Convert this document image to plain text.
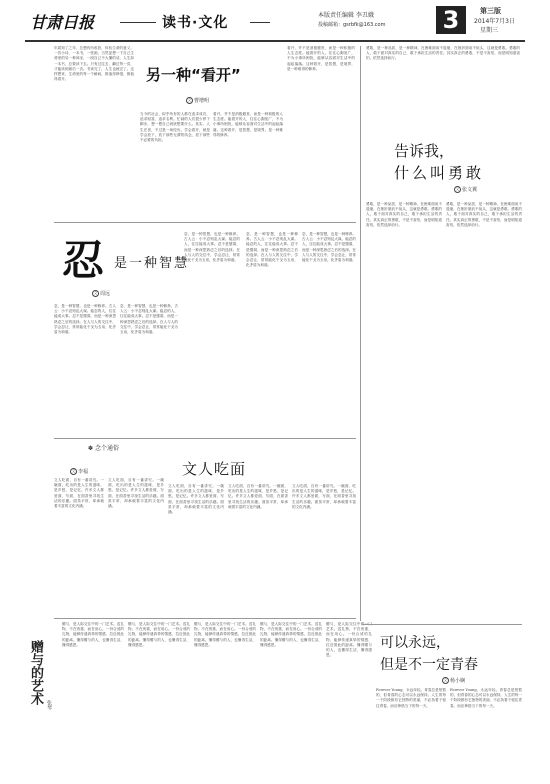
甘肃日报	读书·文化	本版责任编辑 李丑娥
投稿邮箱：gsrbfk@163.com 3	第三版
2014年7月3日
星期三
另一种“看开”
文 曹增明
年届知了之年，总想有所收获，体验生命的意义。一首小诗，一本书，一张画，当然更想一下自己生命里的另一种神圣，一段自己不大懂的话。人生如一本书，总要读下去。只有过往去，翻过每一页，才能读到最后一页。书读完了，人生也就完了。这样想来，生命里的每一个瞬间，都值得珍惜，都值得看开。
当今的社会，似乎所有的人都在追求成功，追求财富，追求名利。忙碌的人们很少停下脚步，想一想自己到底想要什么。其实，人生在世，不过是一场经历。学会看开，就是学会放下，放下那些无谓的执念，放下那些不必要的负担。
看开，并不是消极避世，而是一种积极的人生态度。能看开的人，往往心胸宽广，不为小事所困扰，能够从容面对生活中的起起落落。这种看开，是智慧，是境界，是一种难得的修养。
看开，并不是消极避世，而是一种积极的人生态度。能看开的人，往往心胸宽广，不为小事所困扰，能够从容面对生活中的起起落落。这种看开，是智慧，是境界，是一种难得的修养。
告诉我，
什么叫勇敢
文 张文翼
勇敢，是一种品质，是一种精神。在困难面前不退缩，在挫折面前不低头，这就是勇敢。勇敢的人，敢于面对真实的自己，敢于承担生活的责任。其实真正的勇敢，不是不害怕，而是明知道害怕，依然选择前行。
勇敢，是一种品质，是一种精神。在困难面前不退缩，在挫折面前不低头，这就是勇敢。勇敢的人，敢于面对真实的自己，敢于承担生活的责任。其实真正的勇敢，不是不害怕，而是明知道害怕，依然选择前行。
勇敢，是一种品质，是一种精神。在困难面前不退缩，在挫折面前不低头，这就是勇敢。勇敢的人，敢于面对真实的自己，敢于承担生活的责任。其实真正的勇敢，不是不害怕，而是明知道害怕，依然选择前行。
忍 是一种智慧
文 周远
忍，是一种智慧，也是一种修养。古人云：小不忍则乱大谋。能忍的人，往往能成大事。忍不是懦弱，而是一种深思熟虑之后的选择。在人与人的交往中，学会忍让，常常能化干戈为玉帛，化矛盾为和谐。
忍，是一种智慧，也是一种修养。古人云：小不忍则乱大谋。能忍的人，往往能成大事。忍不是懦弱，而是一种深思熟虑之后的选择。在人与人的交往中，学会忍让，常常能化干戈为玉帛，化矛盾为和谐。
忍，是一种智慧，也是一种修养。古人云：小不忍则乱大谋。能忍的人，往往能成大事。忍不是懦弱，而是一种深思熟虑之后的选择。在人与人的交往中，学会忍让，常常能化干戈为玉帛，化矛盾为和谐。
忍，是一种智慧，也是一种修养。古人云：小不忍则乱大谋。能忍的人，往往能成大事。忍不是懦弱，而是一种深思熟虑之后的选择。在人与人的交往中，学会忍让，常常能化干戈为玉帛，化矛盾为和谐。
忍，是一种智慧，也是一种修养。古人云：小不忍则乱大谋。能忍的人，往往能成大事。忍不是懦弱，而是一种深思熟虑之后的选择。在人与人的交往中，学会忍让，常常能化干戈为玉帛，化矛盾为和谐。
✽ 念个通俗
文人吃面
文 李福
文人吃面，自有一番讲究。一碗面，吃出的是人生的滋味，是乡愁，是记忆。许多文人都爱面，写面，在面香里寻找生活的乐趣。面虽平常，却承载着丰富的文化内涵。
文人吃面，自有一番讲究。一碗面，吃出的是人生的滋味，是乡愁，是记忆。许多文人都爱面，写面，在面香里寻找生活的乐趣。面虽平常，却承载着丰富的文化内涵。
文人吃面，自有一番讲究。一碗面，吃出的是人生的滋味，是乡愁，是记忆。许多文人都爱面，写面，在面香里寻找生活的乐趣。面虽平常，却承载着丰富的文化内涵。
文人吃面，自有一番讲究。一碗面，吃出的是人生的滋味，是乡愁，是记忆。许多文人都爱面，写面，在面香里寻找生活的乐趣。面虽平常，却承载着丰富的文化内涵。
文人吃面，自有一番讲究。一碗面，吃出的是人生的滋味，是乡愁，是记忆。许多文人都爱面，写面，在面香里寻找生活的乐趣。面虽平常，却承载着丰富的文化内涵。
赠与的艺术 张琴
赠与，是人际交往中的一门艺术。送礼物，不在贵重，而在用心。一份合适的礼物，能够传递真挚的情感，拉近彼此的距离。懂得赠与的人，也懂得生活，懂得感恩。
赠与，是人际交往中的一门艺术。送礼物，不在贵重，而在用心。一份合适的礼物，能够传递真挚的情感，拉近彼此的距离。懂得赠与的人，也懂得生活，懂得感恩。
赠与，是人际交往中的一门艺术。送礼物，不在贵重，而在用心。一份合适的礼物，能够传递真挚的情感，拉近彼此的距离。懂得赠与的人，也懂得生活，懂得感恩。
赠与，是人际交往中的一门艺术。送礼物，不在贵重，而在用心。一份合适的礼物，能够传递真挚的情感，拉近彼此的距离。懂得赠与的人，也懂得生活，懂得感恩。
赠与，是人际交往中的一门艺术。送礼物，不在贵重，而在用心。一份合适的礼物，能够传递真挚的情感，拉近彼此的距离。懂得赠与的人，也懂得生活，懂得感恩。
可以永远，
但是不一定青春
文 杨小娴
Forever Young，永远年轻。青春总是短暂的，但青春的心态可以永远保持。人生的每一个阶段都有它独特的美丽，不必执着于留住青春，而应珍惜当下的每一天。
Forever Young，永远年轻。青春总是短暂的，但青春的心态可以永远保持。人生的每一个阶段都有它独特的美丽，不必执着于留住青春，而应珍惜当下的每一天。
